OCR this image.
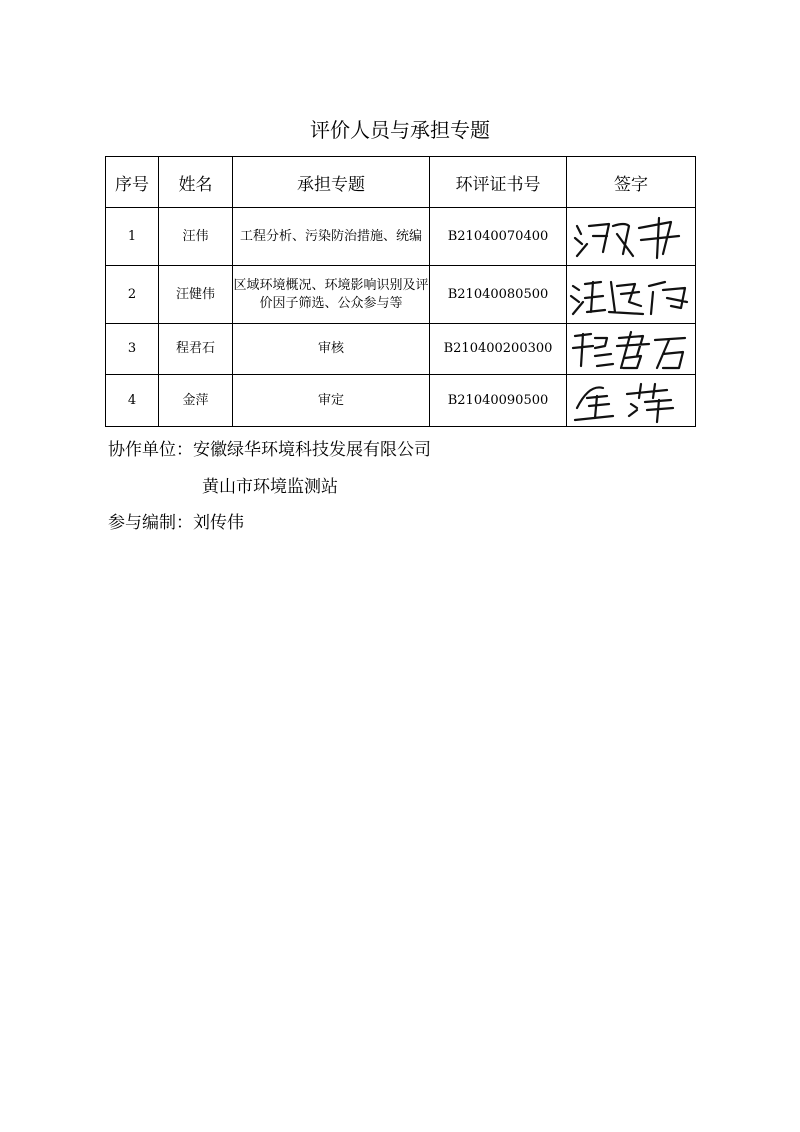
评价人员与承担专题
序号	姓名	承担专题	环评证书号	签字
1	汪伟	工程分析、污染防治措施、统编	B21040070400	

2	汪健伟	区域环境概况、环境影响识别及评价因子筛选、公众参与等	B21040080500	

3	程君石	审核	B210400200300	

4	金萍	审定	B21040090500	
协作单位：安徽绿华环境科技发展有限公司
黄山市环境监测站
参与编制：刘传伟
